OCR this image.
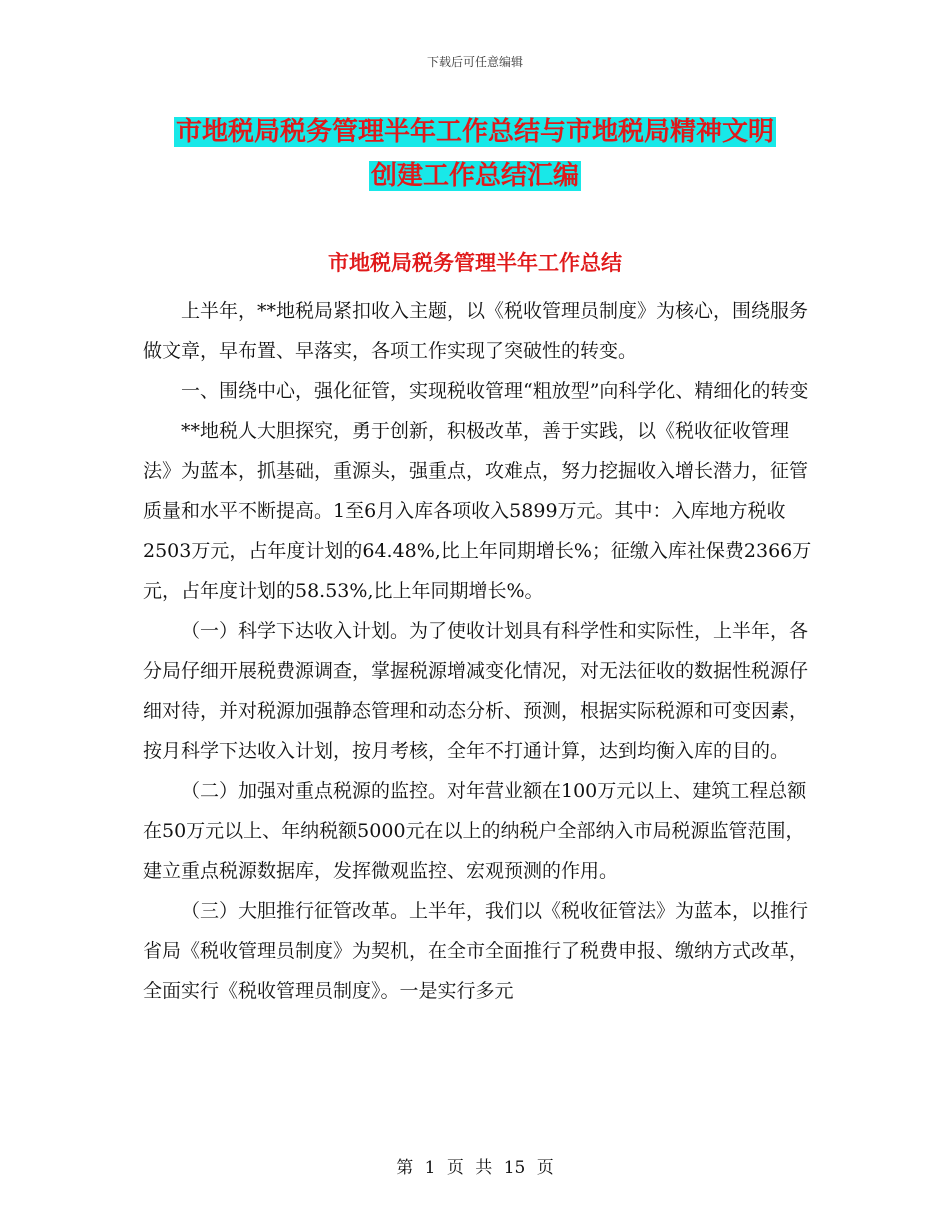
下载后可任意编辑
市地税局税务管理半年工作总结与市地税局精神文明
创建工作总结汇编
市地税局税务管理半年工作总结

上半年，**地税局紧扣收入主题，以《税收管理员制度》为核心，围绕服务做文章，早布置、早落实，各项工作实现了突破性的转变。

一、围绕中心，强化征管，实现税收管理“粗放型”向科学化、精细化的转变

**地税人大胆探究，勇于创新，积极改革，善于实践，以《税收征收管理法》为蓝本，抓基础，重源头，强重点，攻难点，努力挖掘收入增长潜力，征管质量和水平不断提高。1至6月入库各项收入5899万元。其中：入库地方税收2503万元，占年度计划的64.48%,比上年同期增长%；征缴入库社保费2366万元，占年度计划的58.53%,比上年同期增长%。

（一）科学下达收入计划。为了使收计划具有科学性和实际性，上半年，各分局仔细开展税费源调查，掌握税源增减变化情况，对无法征收的数据性税源仔细对待，并对税源加强静态管理和动态分析、预测，根据实际税源和可变因素，按月科学下达收入计划，按月考核，全年不打通计算，达到均衡入库的目的。

（二）加强对重点税源的监控。对年营业额在100万元以上、建筑工程总额在50万元以上、年纳税额5000元在以上的纳税户全部纳入市局税源监管范围，建立重点税源数据库，发挥微观监控、宏观预测的作用。

（三）大胆推行征管改革。上半年，我们以《税收征管法》为蓝本，以推行省局《税收管理员制度》为契机，在全市全面推行了税费申报、缴纳方式改革，全面实行《税收管理员制度》。一是实行多元

第 1 页 共 15 页
